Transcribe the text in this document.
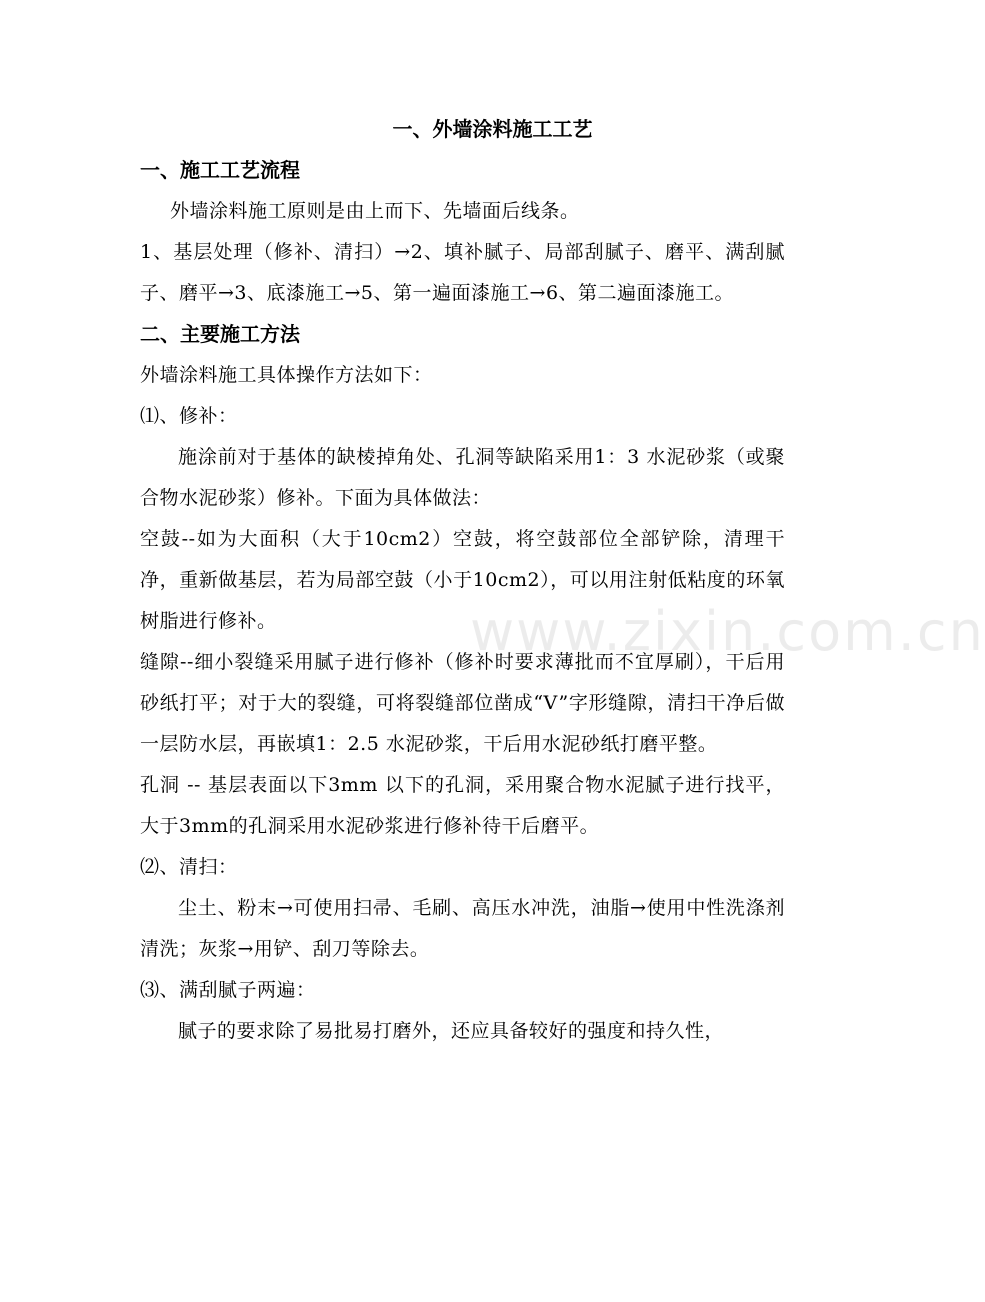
www.zixin.com.cn
一、外墙涂料施工工艺
一、施工工艺流程

外墙涂料施工原则是由上而下、先墙面后线条。

1、基层处理（修补、清扫）→2、填补腻子、局部刮腻子、磨平、满刮腻子、磨平→3、底漆施工→5、第一遍面漆施工→6、第二遍面漆施工。

二、主要施工方法

外墙涂料施工具体操作方法如下：

⑴、修补：

施涂前对于基体的缺棱掉角处、孔洞等缺陷采用1：3 水泥砂浆（或聚合物水泥砂浆）修补。下面为具体做法：

空鼓--如为大面积（大于10cm2）空鼓，将空鼓部位全部铲除，清理干净，重新做基层，若为局部空鼓（小于10cm2），可以用注射低粘度的环氧树脂进行修补。

缝隙--细小裂缝采用腻子进行修补（修补时要求薄批而不宜厚刷），干后用砂纸打平；对于大的裂缝，可将裂缝部位凿成“V”字形缝隙，清扫干净后做一层防水层，再嵌填1：2.5 水泥砂浆，干后用水泥砂纸打磨平整。

孔洞 -- 基层表面以下3mm 以下的孔洞，采用聚合物水泥腻子进行找平，大于3mm的孔洞采用水泥砂浆进行修补待干后磨平。

⑵、清扫：

尘土、粉末→可使用扫帚、毛刷、高压水冲洗，油脂→使用中性洗涤剂清洗；灰浆→用铲、刮刀等除去。

⑶、满刮腻子两遍：

腻子的要求除了易批易打磨外，还应具备较好的强度和持久性，
